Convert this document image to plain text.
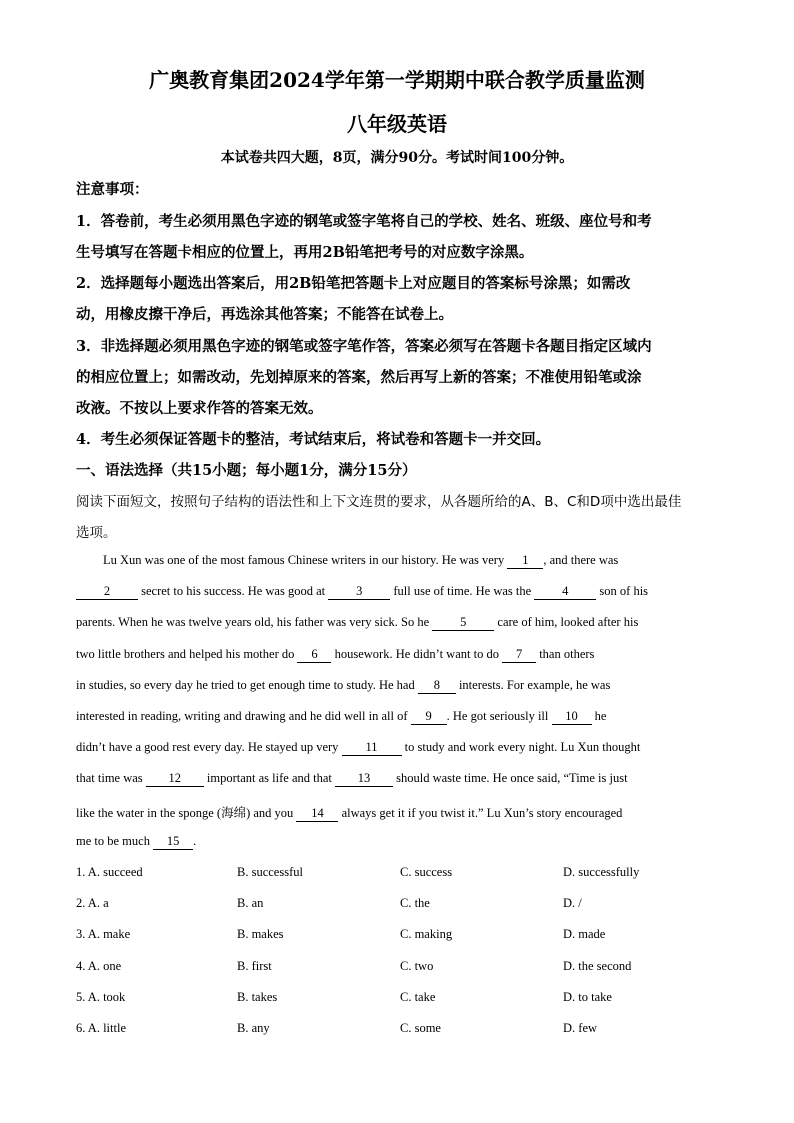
广奥教育集团2024学年第一学期期中联合教学质量监测
八年级英语
本试卷共四大题，8页，满分90分。考试时间100分钟。
注意事项：
1．答卷前，考生必须用黑色字迹的钢笔或签字笔将自己的学校、姓名、班级、座位号和考
生号填写在答题卡相应的位置上，再用2B铅笔把考号的对应数字涂黑。
2．选择题每小题选出答案后，用2B铅笔把答题卡上对应题目的答案标号涂黑；如需改
动，用橡皮擦干净后，再选涂其他答案；不能答在试卷上。
3．非选择题必须用黑色字迹的钢笔或签字笔作答，答案必须写在答题卡各题目指定区域内
的相应位置上；如需改动，先划掉原来的答案，然后再写上新的答案；不准使用铅笔或涂
改液。不按以上要求作答的答案无效。
4．考生必须保证答题卡的整洁，考试结束后，将试卷和答题卡一并交回。
一、语法选择（共15小题；每小题1分，满分15分）
阅读下面短文，按照句子结构的语法性和上下文连贯的要求，从各题所给的A、B、C和D项中选出最佳
选项。
Lu Xun was one of the most famous Chinese writers in our history. He was very 1 , and there was
2 secret to his success. He was good at 3 full use of time. He was the 4 son of his
parents. When he was twelve years old, his father was very sick. So he 5 care of him, looked after his
two little brothers and helped his mother do 6 housework. He didn’t want to do 7 than others
in studies, so every day he tried to get enough time to study. He had 8 interests. For example, he was
interested in reading, writing and drawing and he did well in all of 9 . He got seriously ill 10 he
didn’t have a good rest every day. He stayed up very 11 to study and work every night. Lu Xun thought
that time was 12 important as life and that 13 should waste time. He once said, “Time is just
like the water in the sponge (海绵) and you 14 always get it if you twist it.” Lu Xun’s story encouraged
me to be much 15 .
1. A. succeed	B. successful	C. success	D. successfully
2. A. a	B. an	C. the	D. /
3. A. make	B. makes	C. making	D. made
4. A. one	B. first	C. two	D. the second
5. A. took	B. takes	C. take	D. to take
6. A. little	B. any	C. some	D. few
